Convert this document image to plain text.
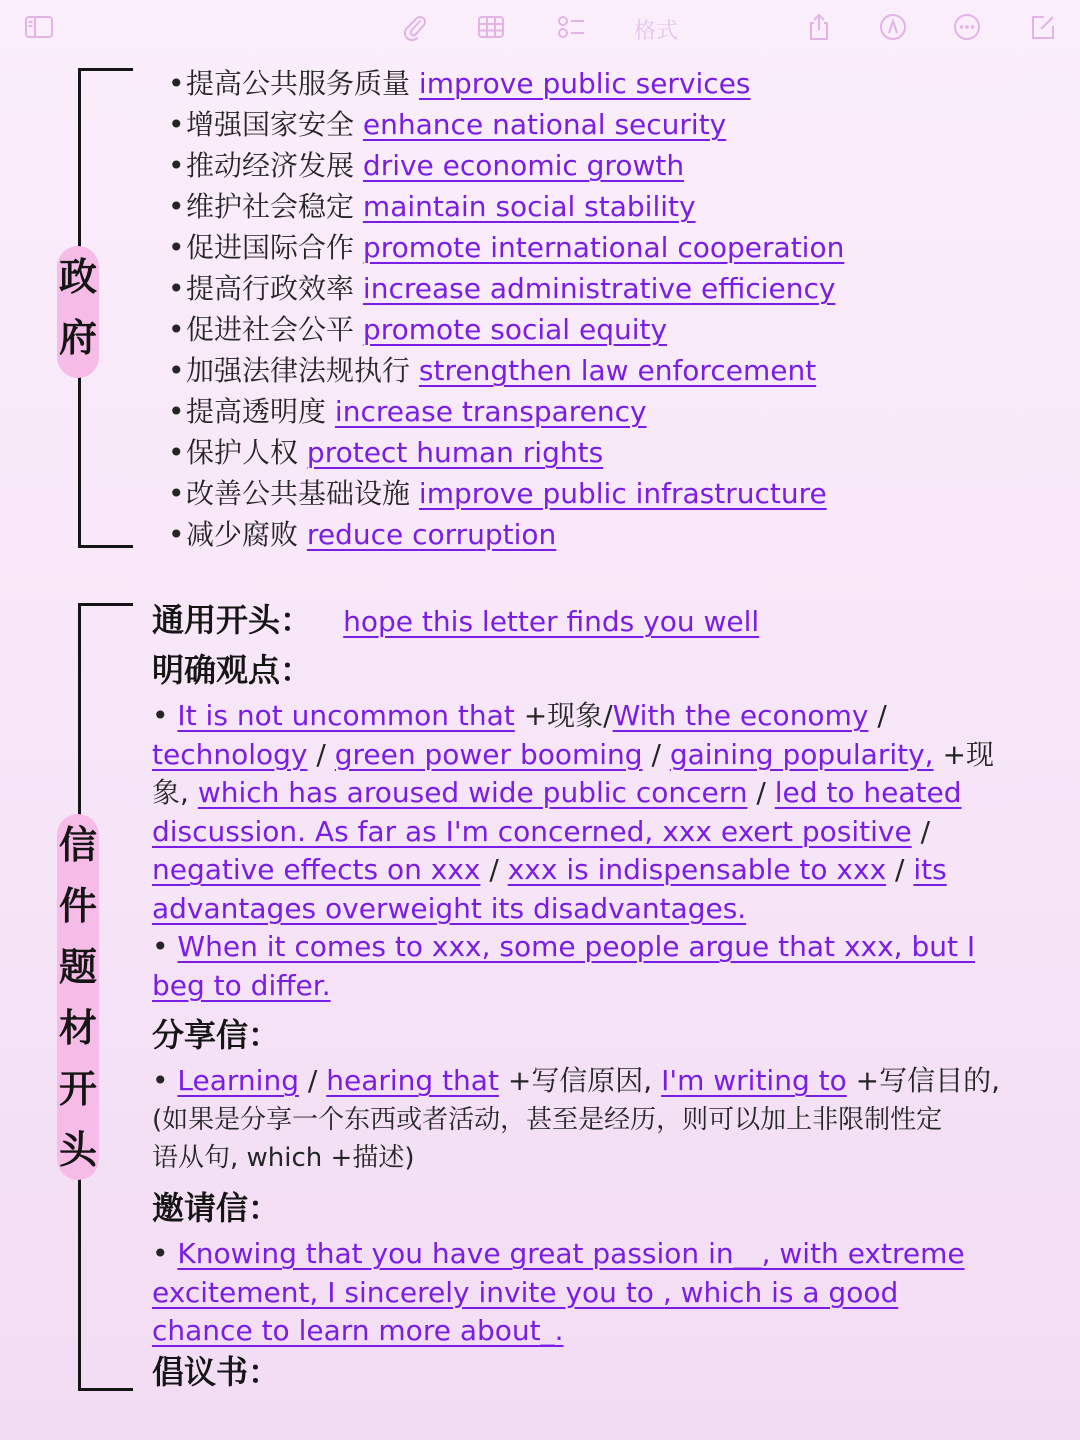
格式
政
府
•提高公共服务质量 improve public services
•增强国家安全 enhance national security
•推动经济发展 drive economic growth
•维护社会稳定 maintain social stability
•促进国际合作 promote international cooperation
•提高行政效率 increase administrative efficiency
•促进社会公平 promote social equity
•加强法律法规执行 strengthen law enforcement
•提高透明度 increase transparency
•保护人权 protect human rights
•改善公共基础设施 improve public infrastructure
•减少腐败 reduce corruption
信
件
题
材
开
头
通用开头： hope this letter finds you well
明确观点：
• It is not uncommon that +现象/With the economy /
technology / green power booming / gaining popularity, +现
象, which has aroused wide public concern / led to heated
discussion. As far as I'm concerned, xxx exert positive /
negative effects on xxx / xxx is indispensable to xxx / its
advantages overweight its disadvantages.
• When it comes to xxx, some people argue that xxx, but I
beg to differ.
分享信：
• Learning / hearing that +写信原因, I'm writing to +写信目的,
(如果是分享一个东西或者活动，甚至是经历，则可以加上非限制性定
语从句, which +描述)
邀请信：
• Knowing that you have great passion in__, with extreme
excitement, I sincerely invite you to , which is a good
chance to learn more about_.
倡议书：
